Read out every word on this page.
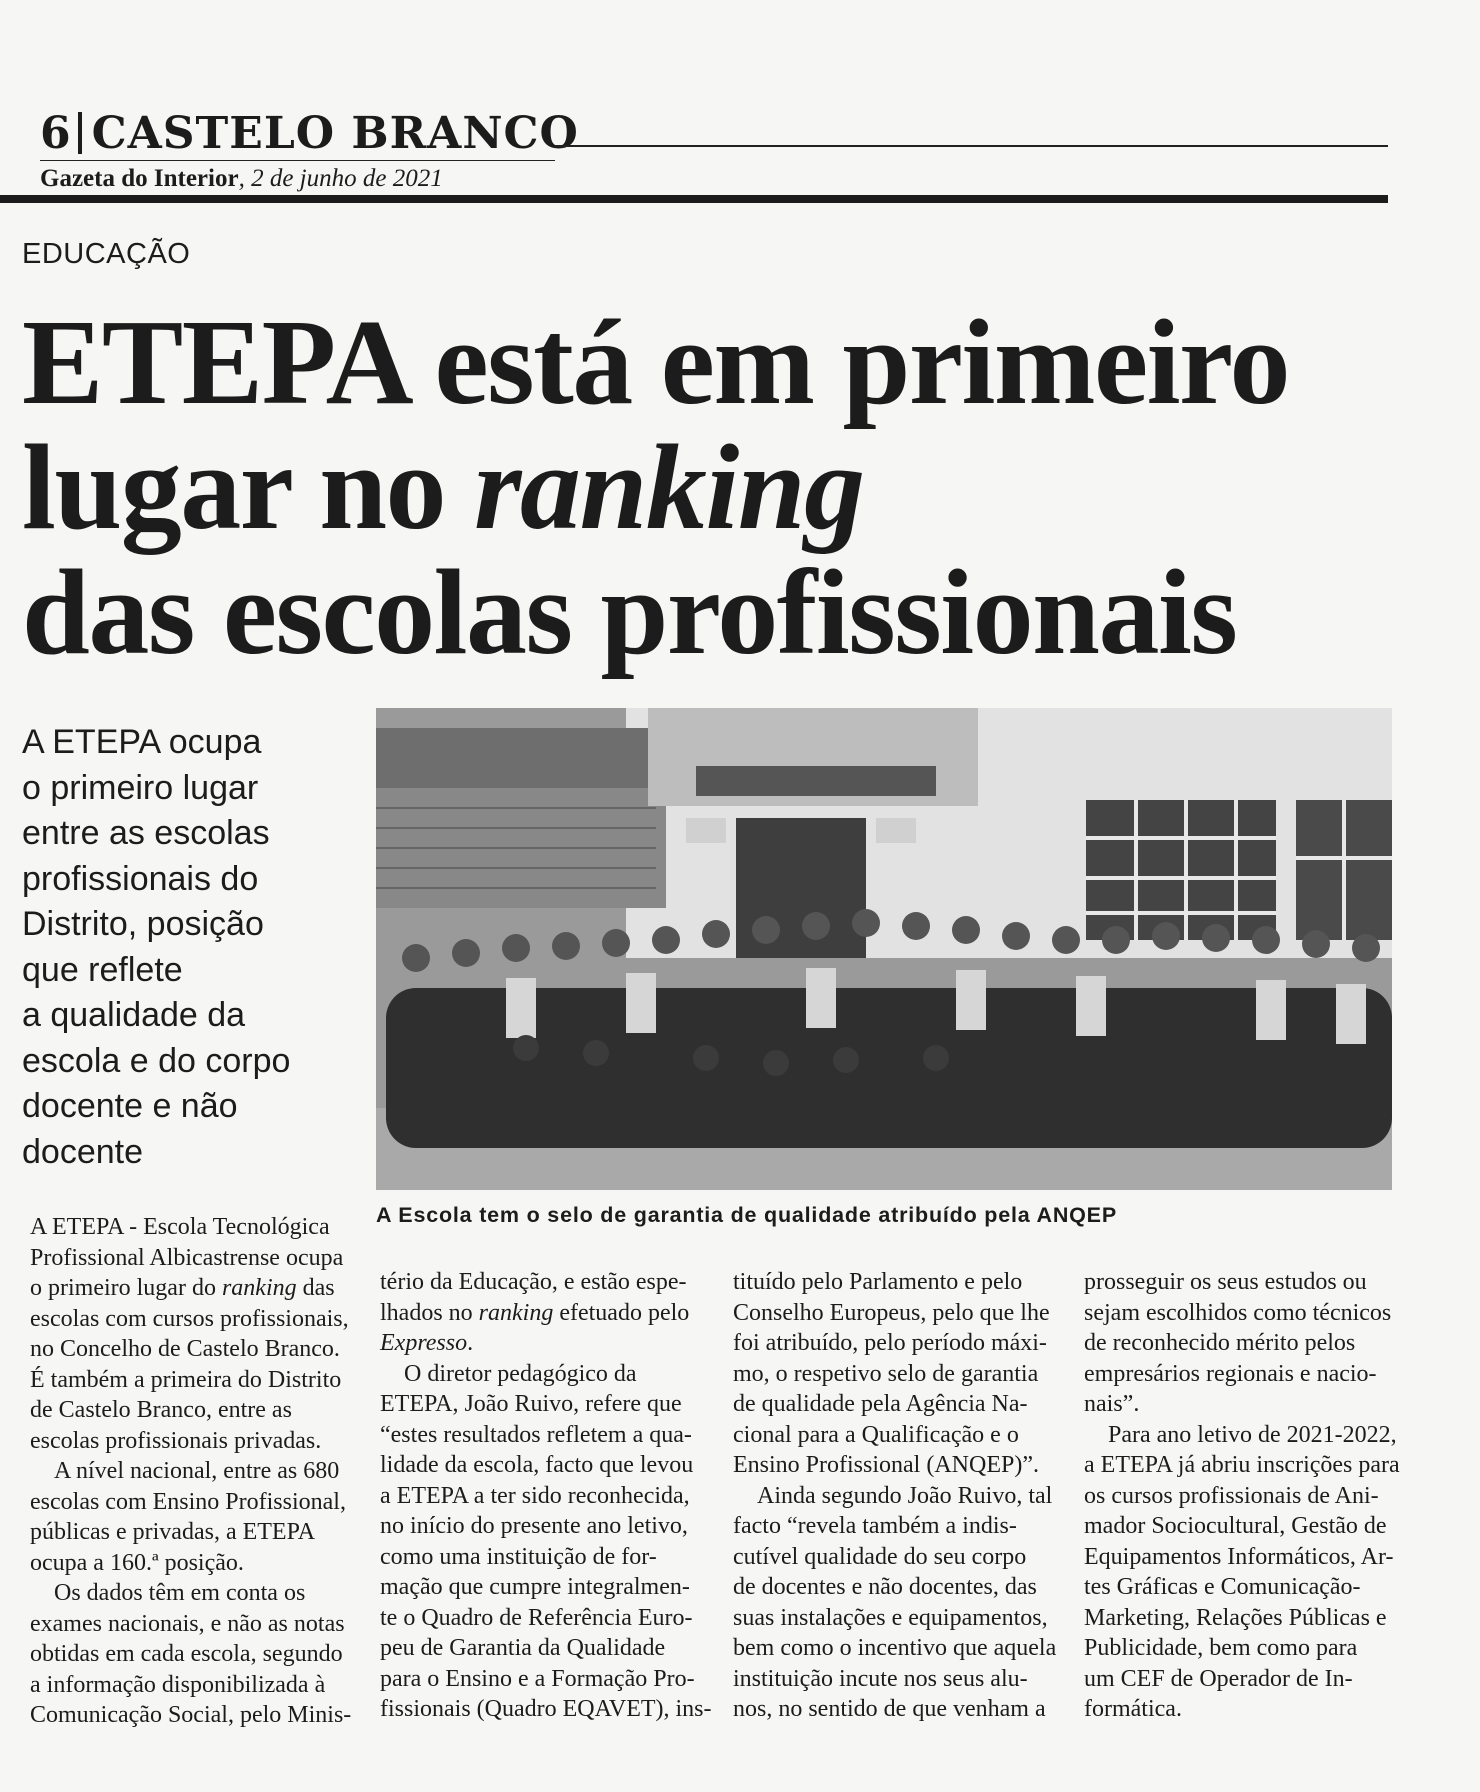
6 CASTELO BRANCO
Gazeta do Interior, 2 de junho de 2021
EDUCAÇÃO
ETEPA está em primeiro
lugar no ranking
das escolas profissionais
A ETEPA ocupa
o primeiro lugar
entre as escolas
profissionais do
Distrito, posição
que reflete
a qualidade da
escola e do corpo
docente e não
docente
A Escola tem o selo de garantia de qualidade atribuído pela ANQEP
A ETEPA - Escola Tecnológica
Profissional Albicastrense ocupa
o primeiro lugar do ranking das
escolas com cursos profissionais,
no Concelho de Castelo Branco.
É também a primeira do Distrito
de Castelo Branco, entre as
escolas profissionais privadas.
A nível nacional, entre as 680
escolas com Ensino Profissional,
públicas e privadas, a ETEPA
ocupa a 160.ª posição.
Os dados têm em conta os
exames nacionais, e não as notas
obtidas em cada escola, segundo
a informação disponibilizada à
Comunicação Social, pelo Minis-
tério da Educação, e estão espe-
lhados no ranking efetuado pelo
Expresso.
O diretor pedagógico da
ETEPA, João Ruivo, refere que
“estes resultados refletem a qua-
lidade da escola, facto que levou
a ETEPA a ter sido reconhecida,
no início do presente ano letivo,
como uma instituição de for-
mação que cumpre integralmen-
te o Quadro de Referência Euro-
peu de Garantia da Qualidade
para o Ensino e a Formação Pro-
fissionais (Quadro EQAVET), ins-
tituído pelo Parlamento e pelo
Conselho Europeus, pelo que lhe
foi atribuído, pelo período máxi-
mo, o respetivo selo de garantia
de qualidade pela Agência Na-
cional para a Qualificação e o
Ensino Profissional (ANQEP)”.
Ainda segundo João Ruivo, tal
facto “revela também a indis-
cutível qualidade do seu corpo
de docentes e não docentes, das
suas instalações e equipamentos,
bem como o incentivo que aquela
instituição incute nos seus alu-
nos, no sentido de que venham a
prosseguir os seus estudos ou
sejam escolhidos como técnicos
de reconhecido mérito pelos
empresários regionais e nacio-
nais”.
Para ano letivo de 2021-2022,
a ETEPA já abriu inscrições para
os cursos profissionais de Ani-
mador Sociocultural, Gestão de
Equipamentos Informáticos, Ar-
tes Gráficas e Comunicação-
Marketing, Relações Públicas e
Publicidade, bem como para
um CEF de Operador de In-
formática.
